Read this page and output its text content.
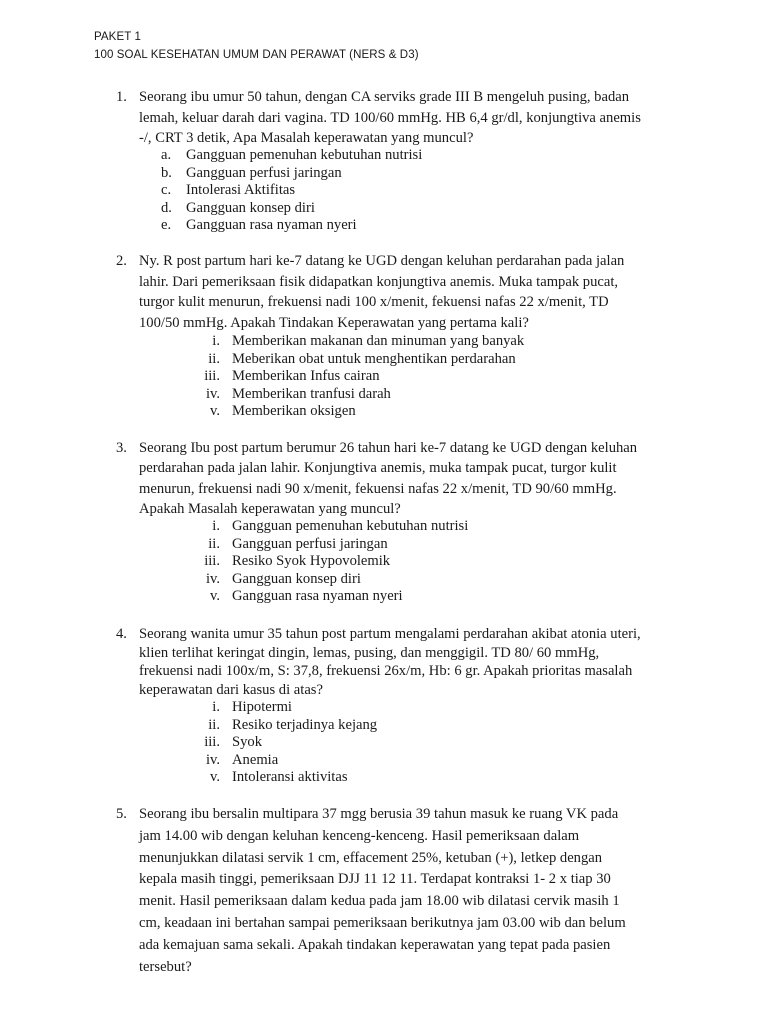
PAKET 1
100 SOAL KESEHATAN UMUM DAN PERAWAT (NERS & D3)
1. Seorang ibu umur 50 tahun, dengan CA serviks grade III B mengeluh pusing, badan
lemah, keluar darah dari vagina. TD 100/60 mmHg. HB 6,4 gr/dl, konjungtiva anemis
-/, CRT 3 detik, Apa Masalah keperawatan yang muncul?
a. Gangguan pemenuhan kebutuhan nutrisi
b. Gangguan perfusi jaringan
c. Intolerasi Aktifitas
d. Gangguan konsep diri
e. Gangguan rasa nyaman nyeri
2. Ny. R post partum hari ke-7 datang ke UGD dengan keluhan perdarahan pada jalan
lahir. Dari pemeriksaan fisik didapatkan konjungtiva anemis. Muka tampak pucat,
turgor kulit menurun, frekuensi nadi 100 x/menit, fekuensi nafas 22 x/menit, TD
100/50 mmHg. Apakah Tindakan Keperawatan yang pertama kali?
i. Memberikan makanan dan minuman yang banyak
ii. Meberikan obat untuk menghentikan perdarahan
iii. Memberikan Infus cairan
iv. Memberikan tranfusi darah
v. Memberikan oksigen
3. Seorang Ibu post partum berumur 26 tahun hari ke-7 datang ke UGD dengan keluhan
perdarahan pada jalan lahir. Konjungtiva anemis, muka tampak pucat, turgor kulit
menurun, frekuensi nadi 90 x/menit, fekuensi nafas 22 x/menit, TD 90/60 mmHg.
Apakah Masalah keperawatan yang muncul?
i. Gangguan pemenuhan kebutuhan nutrisi
ii. Gangguan perfusi jaringan
iii. Resiko Syok Hypovolemik
iv. Gangguan konsep diri
v. Gangguan rasa nyaman nyeri
4. Seorang wanita umur 35 tahun post partum mengalami perdarahan akibat atonia uteri,
klien terlihat keringat dingin, lemas, pusing, dan menggigil. TD 80/ 60 mmHg,
frekuensi nadi 100x/m, S: 37,8, frekuensi 26x/m, Hb: 6 gr. Apakah prioritas masalah
keperawatan dari kasus di atas?
i. Hipotermi
ii. Resiko terjadinya kejang
iii. Syok
iv. Anemia
v. Intoleransi aktivitas
5. Seorang ibu bersalin multipara 37 mgg berusia 39 tahun masuk ke ruang VK pada
jam 14.00 wib dengan keluhan kenceng-kenceng. Hasil pemeriksaan dalam
menunjukkan dilatasi servik 1 cm, effacement 25%, ketuban (+), letkep dengan
kepala masih tinggi, pemeriksaan DJJ 11 12 11. Terdapat kontraksi 1- 2 x tiap 30
menit. Hasil pemeriksaan dalam kedua pada jam 18.00 wib dilatasi cervik masih 1
cm, keadaan ini bertahan sampai pemeriksaan berikutnya jam 03.00 wib dan belum
ada kemajuan sama sekali. Apakah tindakan keperawatan yang tepat pada pasien
tersebut?
